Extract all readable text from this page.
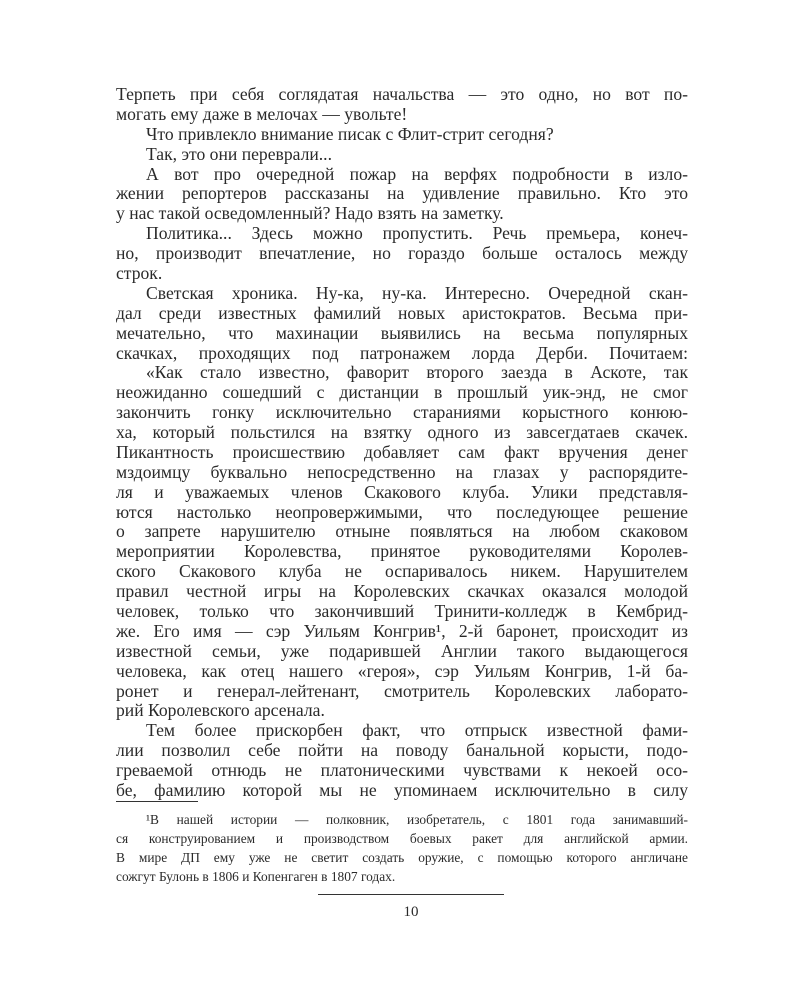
Терпеть при себя соглядатая начальства — это одно, но вот по-
могать ему даже в мелочах — увольте!
Что привлекло внимание писак с Флит-стрит сегодня?
Так, это они переврали...
А вот про очередной пожар на верфях подробности в изло-
жении репортеров рассказаны на удивление правильно. Кто это
у нас такой осведомленный? Надо взять на заметку.
Политика... Здесь можно пропустить. Речь премьера, конеч-
но, производит впечатление, но гораздо больше осталось между
строк.
Светская хроника. Ну-ка, ну-ка. Интересно. Очередной скан-
дал среди известных фамилий новых аристократов. Весьма при-
мечательно, что махинации выявились на весьма популярных
скачках, проходящих под патронажем лорда Дерби. Почитаем:
«Как стало известно, фаворит второго заезда в Аскоте, так
неожиданно сошедший с дистанции в прошлый уик-энд, не смог
закончить гонку исключительно стараниями корыстного конюю-
ха, который польстился на взятку одного из завсегдатаев скачек.
Пикантность происшествию добавляет сам факт вручения денег
мздоимцу буквально непосредственно на глазах у распорядите-
ля и уважаемых членов Скакового клуба. Улики представля-
ются настолько неопровержимыми, что последующее решение
о запрете нарушителю отныне появляться на любом скаковом
мероприятии Королевства, принятое руководителями Королев-
ского Скакового клуба не оспаривалось никем. Нарушителем
правил честной игры на Королевских скачках оказался молодой
человек, только что закончивший Тринити-колледж в Кембрид-
же. Его имя — сэр Уильям Конгрив¹, 2-й баронет, происходит из
известной семьи, уже подарившей Англии такого выдающегося
человека, как отец нашего «героя», сэр Уильям Конгрив, 1-й ба-
ронет и генерал-лейтенант, смотритель Королевских лаборато-
рий Королевского арсенала.
Тем более прискорбен факт, что отпрыск известной фами-
лии позволил себе пойти на поводу банальной корысти, подо-
греваемой отнюдь не платоническими чувствами к некоей осо-
бе, фамилию которой мы не упоминаем исключительно в силу
¹В нашей истории — полковник, изобретатель, с 1801 года занимавший-
ся конструированием и производством боевых ракет для английской армии.
В мире ДП ему уже не светит создать оружие, с помощью которого англичане
сожгут Булонь в 1806 и Копенгаген в 1807 годах.
10
